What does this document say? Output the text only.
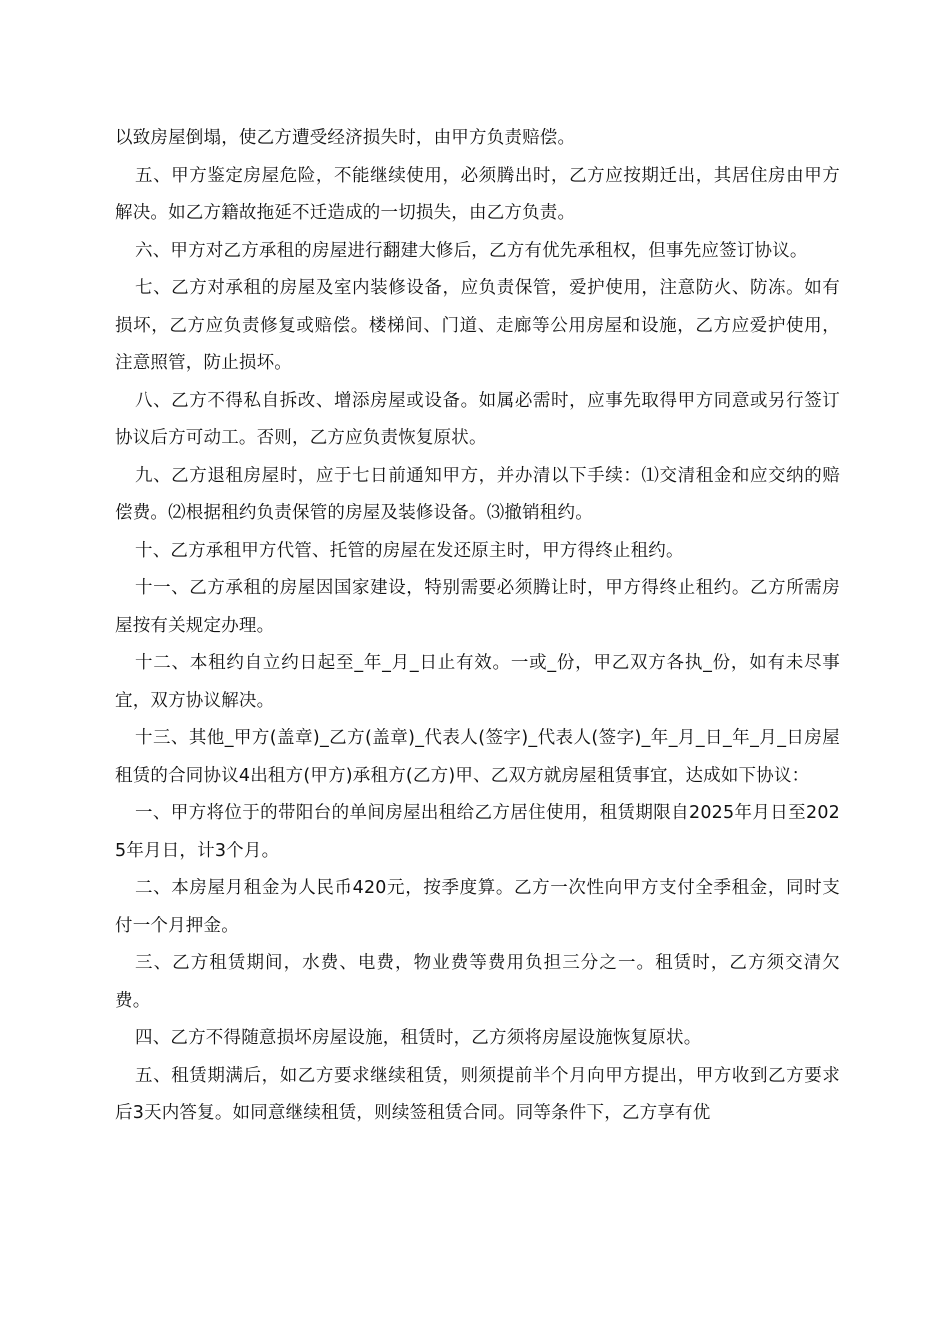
以致房屋倒塌，使乙方遭受经济损失时，由甲方负责赔偿。

五、甲方鉴定房屋危险，不能继续使用，必须腾出时，乙方应按期迁出，其居住房由甲方解决。如乙方籍故拖延不迁造成的一切损失，由乙方负责。

六、甲方对乙方承租的房屋进行翻建大修后，乙方有优先承租权，但事先应签订协议。

七、乙方对承租的房屋及室内装修设备，应负责保管，爱护使用，注意防火、防冻。如有损坏，乙方应负责修复或赔偿。楼梯间、门道、走廊等公用房屋和设施，乙方应爱护使用，注意照管，防止损坏。

八、乙方不得私自拆改、增添房屋或设备。如属必需时，应事先取得甲方同意或另行签订协议后方可动工。否则，乙方应负责恢复原状。

九、乙方退租房屋时，应于七日前通知甲方，并办清以下手续：⑴交清租金和应交纳的赔偿费。⑵根据租约负责保管的房屋及装修设备。⑶撤销租约。

十、乙方承租甲方代管、托管的房屋在发还原主时，甲方得终止租约。

十一、乙方承租的房屋因国家建设，特别需要必须腾让时，甲方得终止租约。乙方所需房屋按有关规定办理。

十二、本租约自立约日起至_年_月_日止有效。一或_份，甲乙双方各执_份，如有未尽事宜，双方协议解决。

十三、其他_甲方(盖章)_乙方(盖章)_代表人(签字)_代表人(签字)_年_月_日_年_月_日房屋租赁的合同协议4出租方(甲方)承租方(乙方)甲、乙双方就房屋租赁事宜，达成如下协议：

一、甲方将位于的带阳台的单间房屋出租给乙方居住使用，租赁期限自2025年月日至2025年月日，计3个月。

二、本房屋月租金为人民币420元，按季度算。乙方一次性向甲方支付全季租金，同时支付一个月押金。

三、乙方租赁期间，水费、电费，物业费等费用负担三分之一。租赁时，乙方须交清欠费。

四、乙方不得随意损坏房屋设施，租赁时，乙方须将房屋设施恢复原状。

五、租赁期满后，如乙方要求继续租赁，则须提前半个月向甲方提出，甲方收到乙方要求后3天内答复。如同意继续租赁，则续签租赁合同。同等条件下，乙方享有优
